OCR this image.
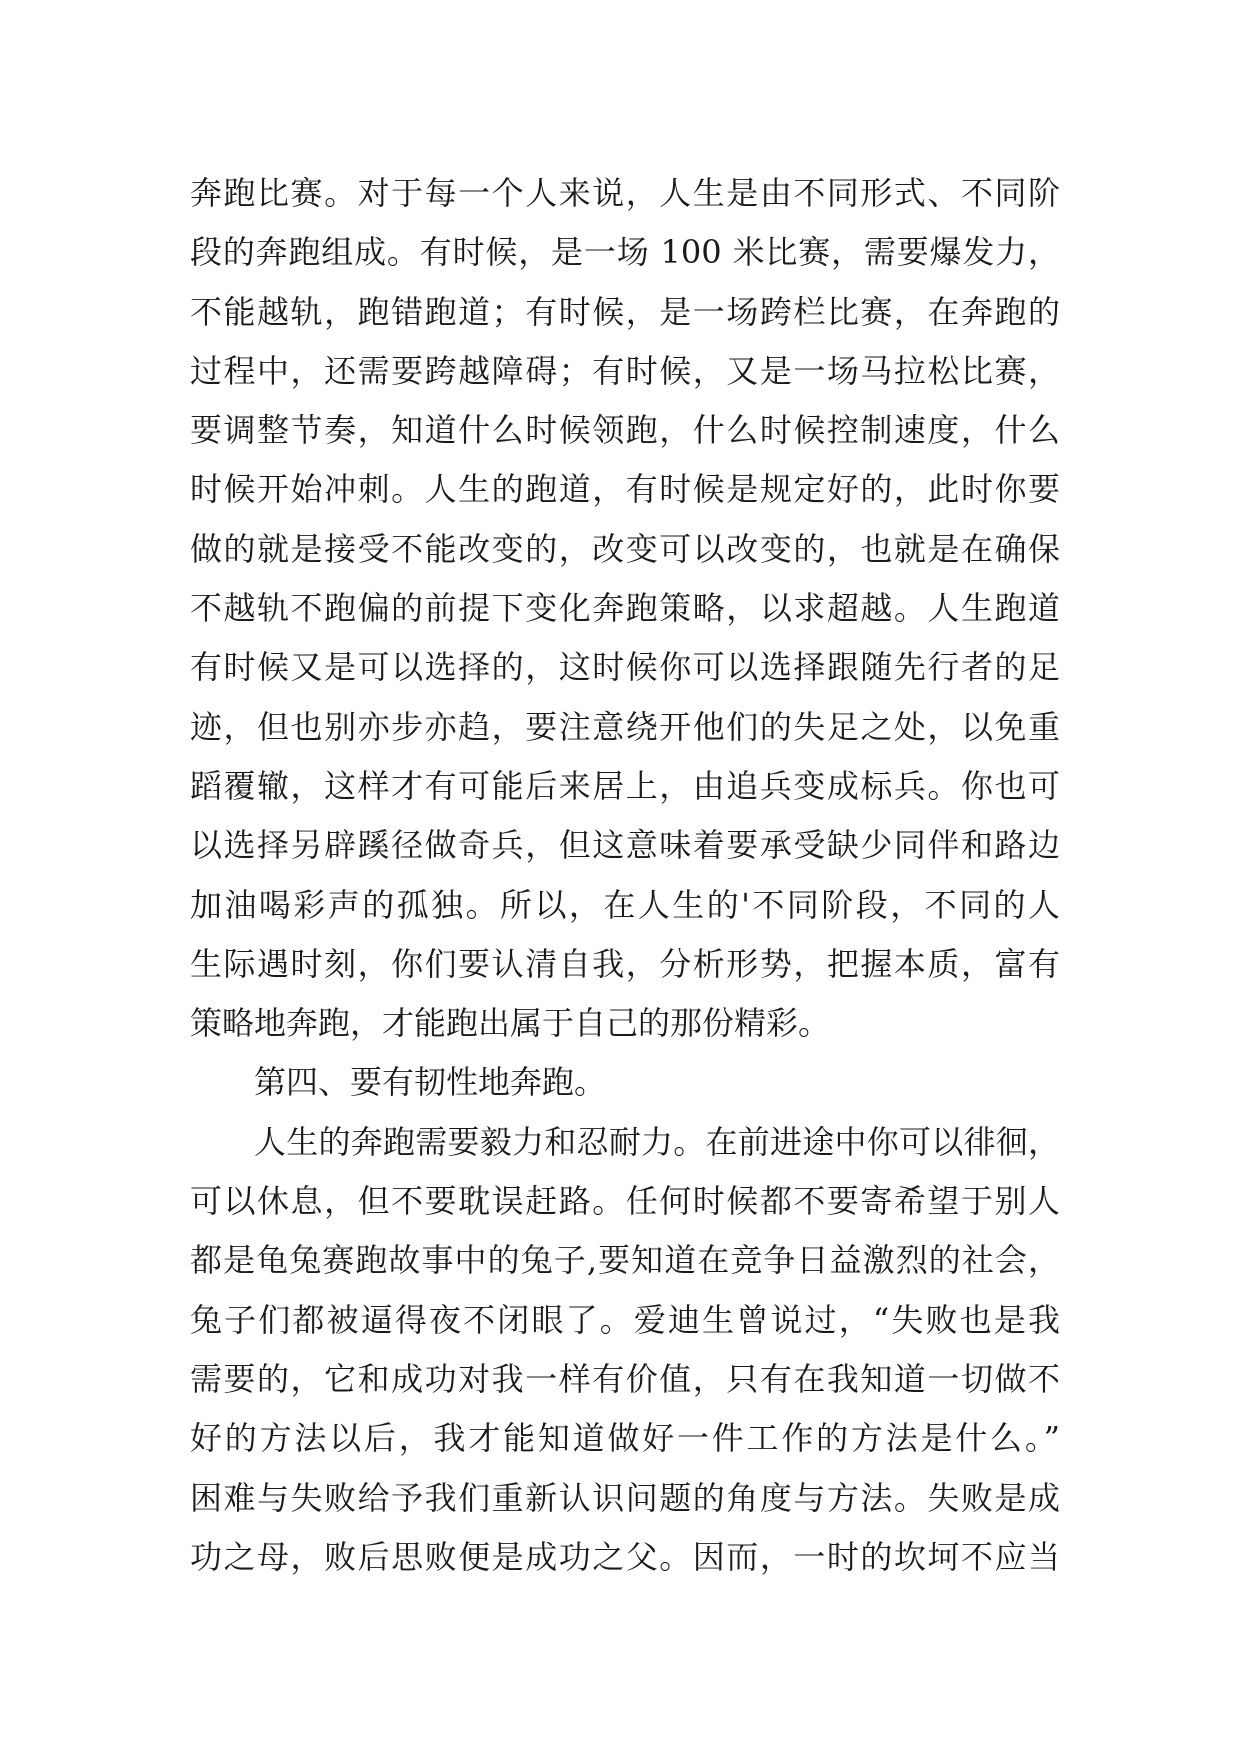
奔跑比赛。对于每一个人来说，人生是由不同形式、不同阶
段的奔跑组成。有时候，是一场 100 米比赛，需要爆发力，
不能越轨，跑错跑道；有时候，是一场跨栏比赛，在奔跑的
过程中，还需要跨越障碍；有时候，又是一场马拉松比赛，
要调整节奏，知道什么时候领跑，什么时候控制速度，什么
时候开始冲刺。人生的跑道，有时候是规定好的，此时你要
做的就是接受不能改变的，改变可以改变的，也就是在确保
不越轨不跑偏的前提下变化奔跑策略，以求超越。人生跑道
有时候又是可以选择的，这时候你可以选择跟随先行者的足
迹，但也别亦步亦趋，要注意绕开他们的失足之处，以免重
蹈覆辙，这样才有可能后来居上，由追兵变成标兵。你也可
以选择另辟蹊径做奇兵，但这意味着要承受缺少同伴和路边
加油喝彩声的孤独。所以，在人生的'不同阶段，不同的人
生际遇时刻，你们要认清自我，分析形势，把握本质，富有
策略地奔跑，才能跑出属于自己的那份精彩。
第四、要有韧性地奔跑。
人生的奔跑需要毅力和忍耐力。在前进途中你可以徘徊，
可以休息，但不要耽误赶路。任何时候都不要寄希望于别人
都是龟兔赛跑故事中的兔子,要知道在竞争日益激烈的社会，
兔子们都被逼得夜不闭眼了。爱迪生曾说过，“失败也是我
需要的，它和成功对我一样有价值，只有在我知道一切做不
好的方法以后，我才能知道做好一件工作的方法是什么。”
困难与失败给予我们重新认识问题的角度与方法。失败是成
功之母，败后思败便是成功之父。因而，一时的坎坷不应当
